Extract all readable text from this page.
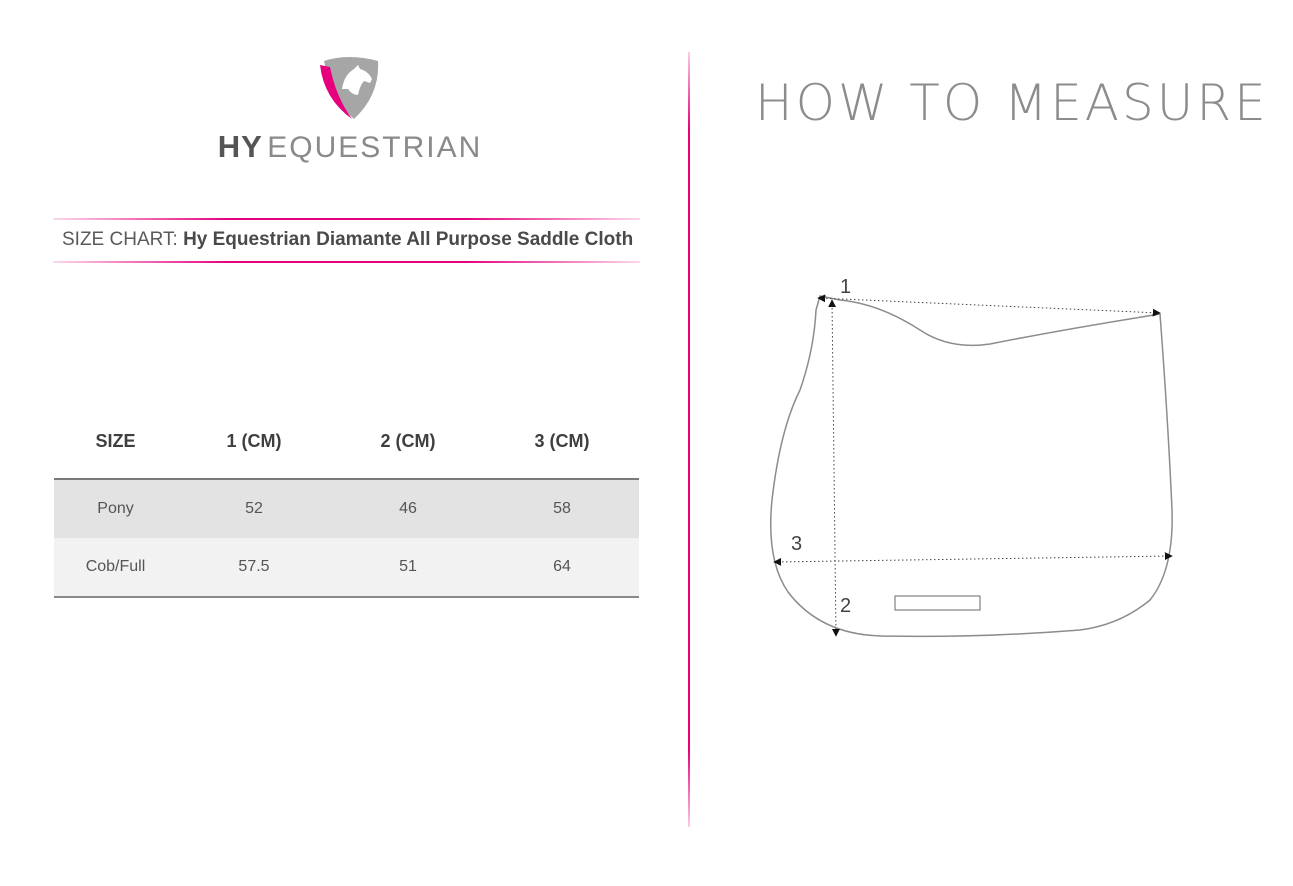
HY EQUESTRIAN
SIZE CHART: Hy Equestrian Diamante All Purpose Saddle Cloth
SIZE	1 (CM)	2 (CM)	3 (CM)
Pony	52	46	58
Cob/Full	57.5	51	64
HOW TO MEASURE
1
2
3
